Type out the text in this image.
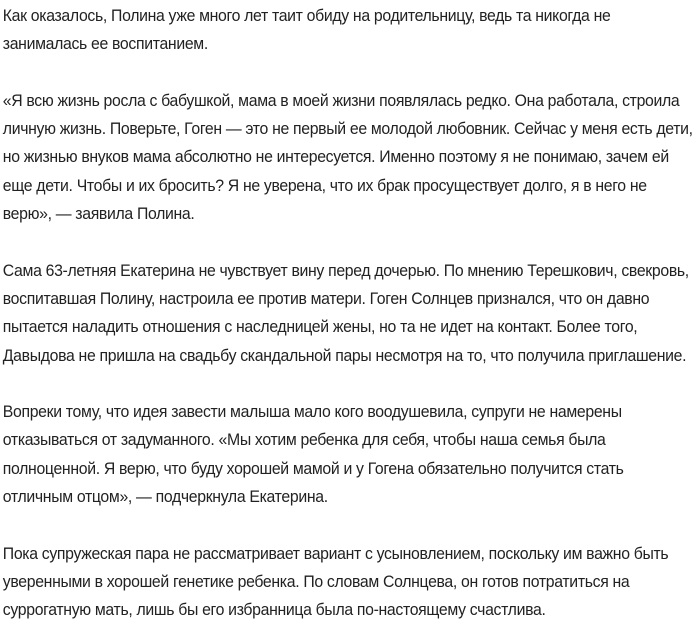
Как оказалось, Полина уже много лет таит обиду на родительницу, ведь та никогда не занималась ее воспитанием.

«Я всю жизнь росла с бабушкой, мама в моей жизни появлялась редко. Она работала, строила личную жизнь. Поверьте, Гоген — это не первый ее молодой любовник. Сейчас у меня есть дети, но жизнью внуков мама абсолютно не интересуется. Именно поэтому я не понимаю, зачем ей еще дети. Чтобы и их бросить? Я не уверена, что их брак просуществует долго, я в него не верю», — заявила Полина.

Сама 63-летняя Екатерина не чувствует вину перед дочерью. По мнению Терешкович, свекровь, воспитавшая Полину, настроила ее против матери. Гоген Солнцев признался, что он давно пытается наладить отношения с наследницей жены, но та не идет на контакт. Более того, Давыдова не пришла на свадьбу скандальной пары несмотря на то, что получила приглашение.

Вопреки тому, что идея завести малыша мало кого воодушевила, супруги не намерены отказываться от задуманного. «Мы хотим ребенка для себя, чтобы наша семья была полноценной. Я верю, что буду хорошей мамой и у Гогена обязательно получится стать отличным отцом», — подчеркнула Екатерина.

Пока супружеская пара не рассматривает вариант с усыновлением, поскольку им важно быть уверенными в хорошей генетике ребенка. По словам Солнцева, он готов потратиться на суррогатную мать, лишь бы его избранница была по-настоящему счастлива.
